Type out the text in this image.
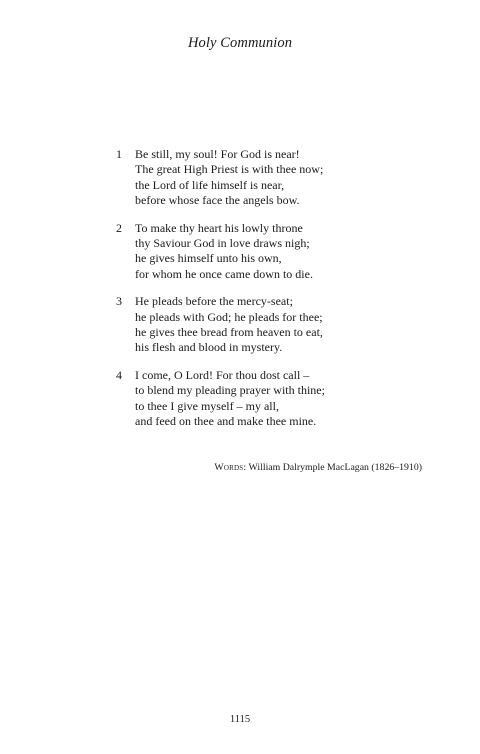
Holy Communion
1 Be still, my soul! For God is near!
The great High Priest is with thee now;
the Lord of life himself is near,
before whose face the angels bow.
2 To make thy heart his lowly throne
thy Saviour God in love draws nigh;
he gives himself unto his own,
for whom he once came down to die.
3 He pleads before the mercy-seat;
he pleads with God; he pleads for thee;
he gives thee bread from heaven to eat,
his flesh and blood in mystery.
4 I come, O Lord! For thou dost call –
to blend my pleading prayer with thine;
to thee I give myself – my all,
and feed on thee and make thee mine.
Words: William Dalrymple MacLagan (1826–1910)
1115
